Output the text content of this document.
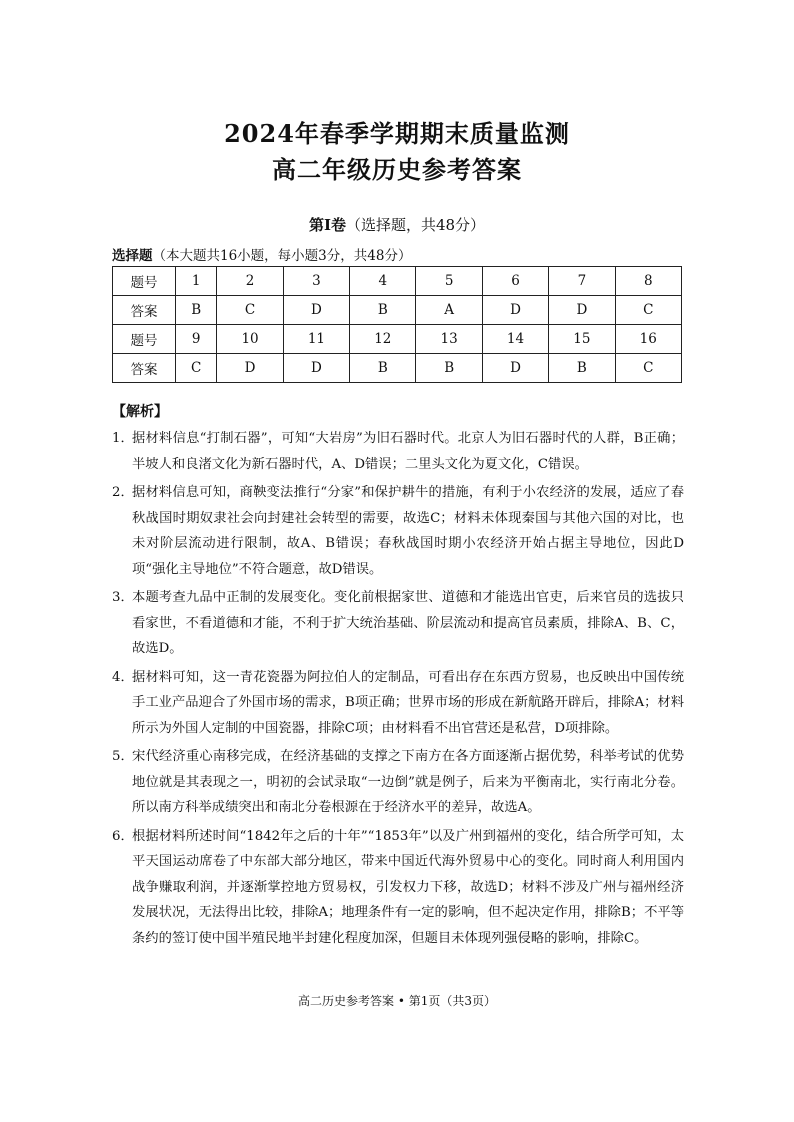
2024年春季学期期末质量监测
高二年级历史参考答案
第Ⅰ卷（选择题，共48分）
选择题（本大题共16小题，每小题3分，共48分）
题号	1	2	3	4	5	6	7	8
答案	B	C	D	B	A	D	D	C
题号	9	10	11	12	13	14	15	16
答案	C	D	D	B	B	D	B	C
【解析】
1．
据材料信息“打制石器”，可知“大岩房”为旧石器时代。北京人为旧石器时代的人群，B正确；半坡人和良渚文化为新石器时代，A、D错误；二里头文化为夏文化，C错误。
2．
据材料信息可知，商鞅变法推行“分家”和保护耕牛的措施，有利于小农经济的发展，适应了春秋战国时期奴隶社会向封建社会转型的需要，故选C；材料未体现秦国与其他六国的对比，也未对阶层流动进行限制，故A、B错误；春秋战国时期小农经济开始占据主导地位，因此D项“强化主导地位”不符合题意，故D错误。
3．
本题考查九品中正制的发展变化。变化前根据家世、道德和才能选出官吏，后来官员的选拔只看家世，不看道德和才能，不利于扩大统治基础、阶层流动和提高官员素质，排除A、B、C，故选D。
4．
据材料可知，这一青花瓷器为阿拉伯人的定制品，可看出存在东西方贸易，也反映出中国传统手工业产品迎合了外国市场的需求，B项正确；世界市场的形成在新航路开辟后，排除A；材料所示为外国人定制的中国瓷器，排除C项；由材料看不出官营还是私营，D项排除。
5．
宋代经济重心南移完成，在经济基础的支撑之下南方在各方面逐渐占据优势，科举考试的优势地位就是其表现之一，明初的会试录取“一边倒”就是例子，后来为平衡南北，实行南北分卷。所以南方科举成绩突出和南北分卷根源在于经济水平的差异，故选A。
6．
根据材料所述时间“1842年之后的十年”“1853年”以及广州到福州的变化，结合所学可知，太平天国运动席卷了中东部大部分地区，带来中国近代海外贸易中心的变化。同时商人利用国内战争赚取利润，并逐渐掌控地方贸易权，引发权力下移，故选D；材料不涉及广州与福州经济发展状况，无法得出比较，排除A；地理条件有一定的影响，但不起决定作用，排除B；不平等条约的签订使中国半殖民地半封建化程度加深，但题目未体现列强侵略的影响，排除C。
高二历史参考答案 • 第1页（共3页）
